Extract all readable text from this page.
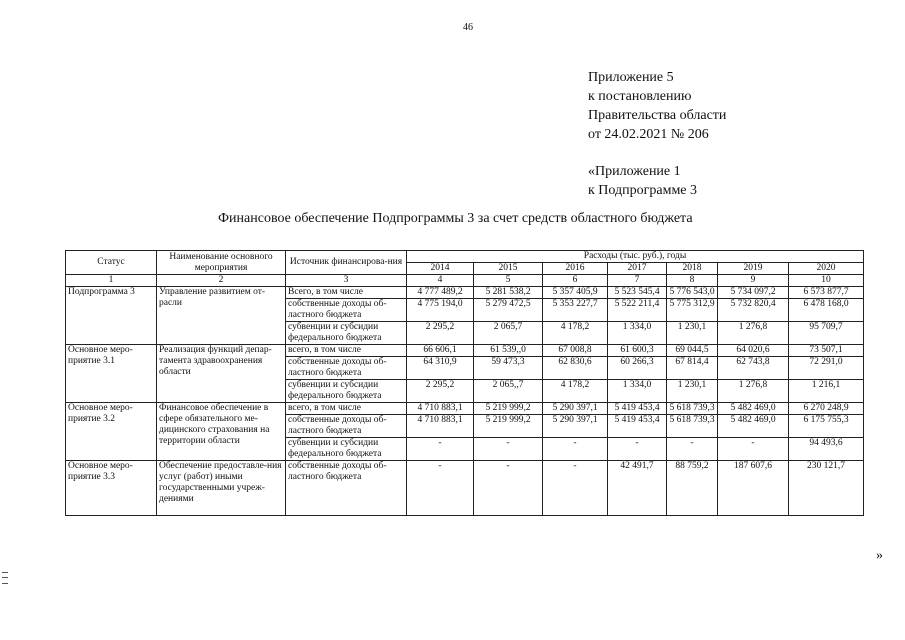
46
Приложение 5
к постановлению
Правительства области
от 24.02.2021 № 206
«Приложение 1
к Подпрограмме 3
Финансовое обеспечение Подпрограммы 3 за счет средств областного бюджета
Статус	Наименование основного мероприятия	Источник финансирова-ния	Расходы (тыс. руб.), годы						
			2014	2015	2016	2017	2018	2019	2020
1	2	3	4	5	6	7	8	9	10
Подпрограмма 3	Управление развитием от-расли	Всего, в том числе	4 777 489,2	5 281 538,2	5 357 405,9	5 523 545,4	5 776 543,0	5 734 097,2	6 573 877,7
		собственные доходы об-ластного бюджета	4 775 194,0	5 279 472,5	5 353 227,7	5 522 211,4	5 775 312,9	5 732 820,4	6 478 168,0
		субвенции и субсидии федерального бюджета	2 295,2	2 065,7	4 178,2	1 334,0	1 230,1	1 276,8	95 709,7
Основное меро-приятие 3.1	Реализация функций депар-тамента здравоохранения области	всего, в том числе	66 606,1	61 539,,0	67 008,8	61 600,3	69 044,5	64 020,6	73 507,1
		собственные доходы об-ластного бюджета	64 310,9	59 473,3	62 830,6	60 266,3	67 814,4	62 743,8	72 291,0
		субвенции и субсидии федерального бюджета	2 295,2	2 065,,7	4 178,2	1 334,0	1 230,1	1 276,8	1 216,1
Основное меро-приятие 3.2	Финансовое обеспечение в сфере обязательного ме-дицинского страхования на территории области	всего, в том числе	4 710 883,1	5 219 999,2	5 290 397,1	5 419 453,4	5 618 739,3	5 482 469,0	6 270 248,9
		собственные доходы об-ластного бюджета	4 710 883,1	5 219 999,2	5 290 397,1	5 419 453,4	5 618 739,3	5 482 469,0	6 175 755,3
		субвенции и субсидии федерального бюджета	-	-	-	-	-	-	94 493,6
Основное меро-приятие 3.3	Обеспечение предоставле-ния услуг (работ) иными государственными учреж-дениями	собственные доходы об-ластного бюджета	-	-	-	42 491,7	88 759,2	187 607,6	230 121,7
»
